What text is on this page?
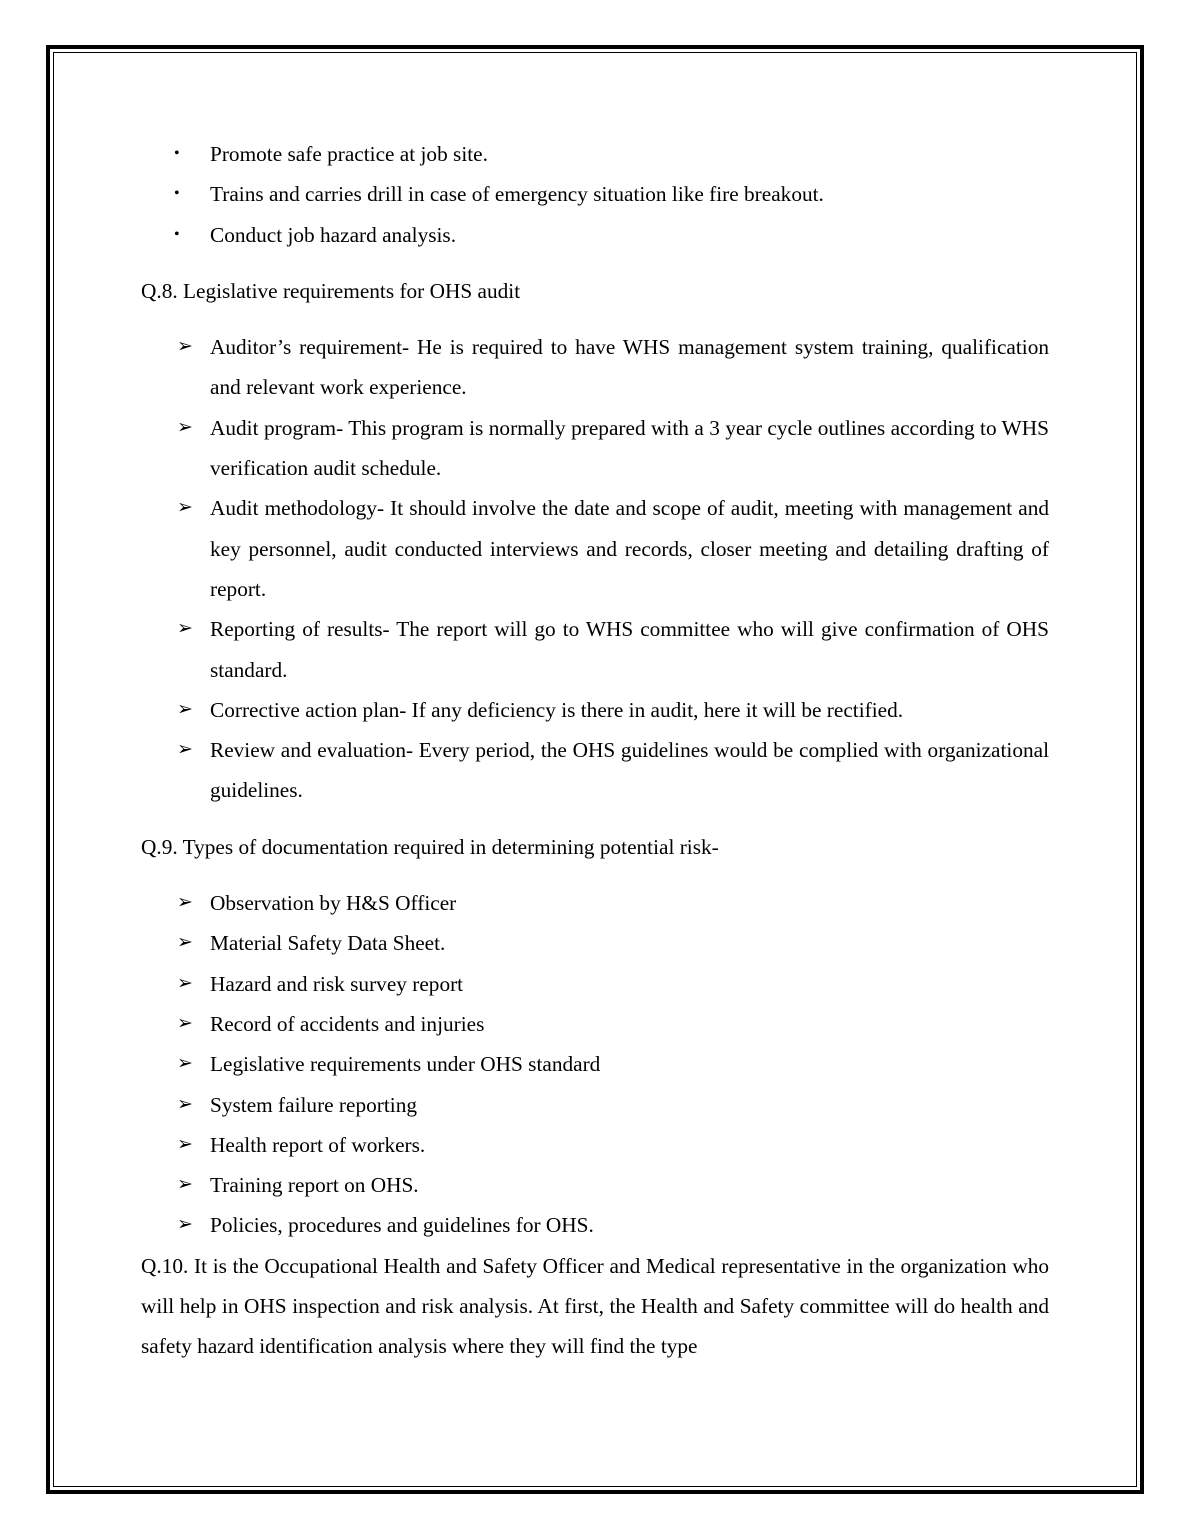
• Promote safe practice at job site.
• Trains and carries drill in case of emergency situation like fire breakout.
• Conduct job hazard analysis.

Q.8. Legislative requirements for OHS audit

➢ Auditor’s requirement- He is required to have WHS management system training, qualification and relevant work experience.
➢ Audit program- This program is normally prepared with a 3 year cycle outlines according to WHS verification audit schedule.
➢ Audit methodology- It should involve the date and scope of audit, meeting with management and key personnel, audit conducted interviews and records, closer meeting and detailing drafting of report.
➢ Reporting of results- The report will go to WHS committee who will give confirmation of OHS standard.
➢ Corrective action plan- If any deficiency is there in audit, here it will be rectified.
➢ Review and evaluation- Every period, the OHS guidelines would be complied with organizational guidelines.

Q.9. Types of documentation required in determining potential risk-

➢ Observation by H&S Officer
➢ Material Safety Data Sheet.
➢ Hazard and risk survey report
➢ Record of accidents and injuries
➢ Legislative requirements under OHS standard
➢ System failure reporting
➢ Health report of workers.
➢ Training report on OHS.
➢ Policies, procedures and guidelines for OHS.

Q.10. It is the Occupational Health and Safety Officer and Medical representative in the organization who will help in OHS inspection and risk analysis. At first, the Health and Safety committee will do health and safety hazard identification analysis where they will find the type
